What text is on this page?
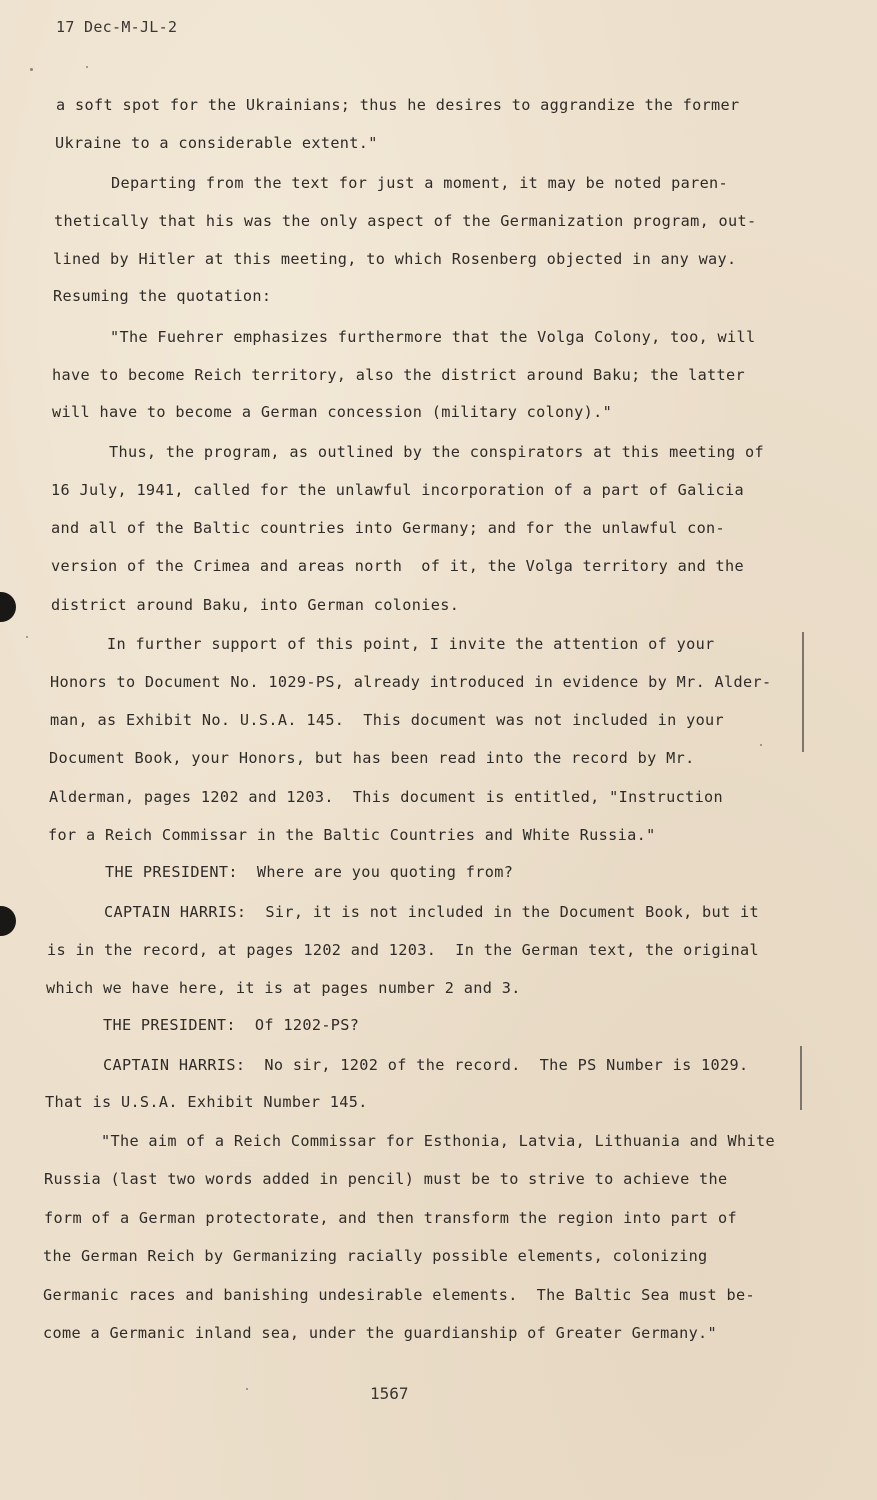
17 Dec-M-JL-2
a soft spot for the Ukrainians; thus he desires to aggrandize the former
Ukraine to a considerable extent."
Departing from the text for just a moment, it may be noted paren-
thetically that his was the only aspect of the Germanization program, out-
lined by Hitler at this meeting, to which Rosenberg objected in any way.
Resuming the quotation:
"The Fuehrer emphasizes furthermore that the Volga Colony, too, will
have to become Reich territory, also the district around Baku; the latter
will have to become a German concession (military colony)."
Thus, the program, as outlined by the conspirators at this meeting of
16 July, 1941, called for the unlawful incorporation of a part of Galicia
and all of the Baltic countries into Germany; and for the unlawful con-
version of the Crimea and areas north  of it, the Volga territory and the
district around Baku, into German colonies.
In further support of this point, I invite the attention of your
Honors to Document No. 1029-PS, already introduced in evidence by Mr. Alder-
man, as Exhibit No. U.S.A. 145.  This document was not included in your
Document Book, your Honors, but has been read into the record by Mr.
Alderman, pages 1202 and 1203.  This document is entitled, "Instruction
for a Reich Commissar in the Baltic Countries and White Russia."
THE PRESIDENT:  Where are you quoting from?
CAPTAIN HARRIS:  Sir, it is not included in the Document Book, but it
is in the record, at pages 1202 and 1203.  In the German text, the original
which we have here, it is at pages number 2 and 3.
THE PRESIDENT:  Of 1202-PS?
CAPTAIN HARRIS:  No sir, 1202 of the record.  The PS Number is 1029.
That is U.S.A. Exhibit Number 145.
"The aim of a Reich Commissar for Esthonia, Latvia, Lithuania and White
Russia (last two words added in pencil) must be to strive to achieve the
form of a German protectorate, and then transform the region into part of
the German Reich by Germanizing racially possible elements, colonizing
Germanic races and banishing undesirable elements.  The Baltic Sea must be-
come a Germanic inland sea, under the guardianship of Greater Germany."
1567
